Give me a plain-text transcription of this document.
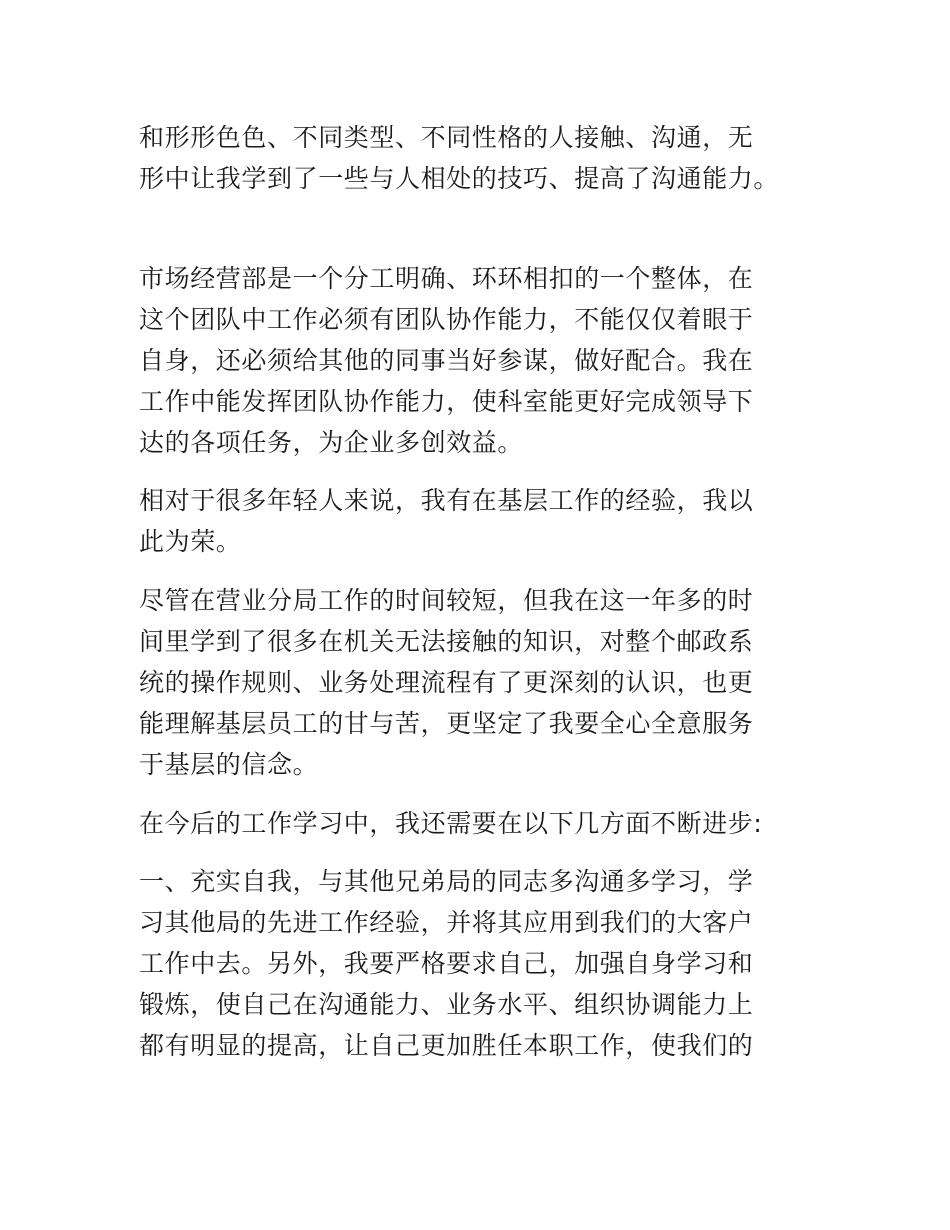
和形形色色、不同类型、不同性格的人接触、沟通，无
形中让我学到了一些与人相处的技巧、提高了沟通能力。

市场经营部是一个分工明确、环环相扣的一个整体，在
这个团队中工作必须有团队协作能力，不能仅仅着眼于
自身，还必须给其他的同事当好参谋，做好配合。我在
工作中能发挥团队协作能力，使科室能更好完成领导下
达的各项任务，为企业多创效益。

相对于很多年轻人来说，我有在基层工作的经验，我以
此为荣。

尽管在营业分局工作的时间较短，但我在这一年多的时
间里学到了很多在机关无法接触的知识，对整个邮政系
统的操作规则、业务处理流程有了更深刻的认识，也更
能理解基层员工的甘与苦，更坚定了我要全心全意服务
于基层的信念。

在今后的工作学习中，我还需要在以下几方面不断进步:

一、充实自我，与其他兄弟局的同志多沟通多学习，学
习其他局的先进工作经验，并将其应用到我们的大客户
工作中去。另外，我要严格要求自己，加强自身学习和
锻炼，使自己在沟通能力、业务水平、组织协调能力上
都有明显的提高，让自己更加胜任本职工作，使我们的
